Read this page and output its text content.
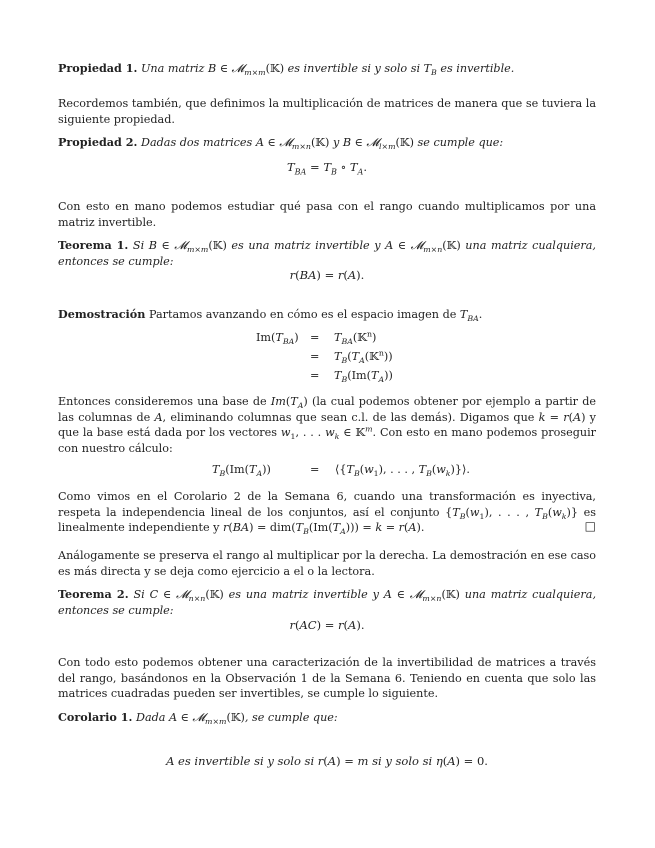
Propiedad 1. Una matriz B ∈ 𝓜$_{m\times m}$(𝕂) es invertible si y solo si $T_B$ es invertible.
Recordemos también, que definimos la multiplicación de matrices de manera que se tuviera la siguiente propiedad.
Propiedad 2. Dadas dos matrices A ∈ 𝓜$_{m\times n}$(𝕂) y B ∈ 𝓜$_{l\times m}$(𝕂) se cumple que:
$T_{BA} = T_B$ ∘ $T_A$.
Con esto en mano podemos estudiar qué pasa con el rango cuando multiplicamos por una matriz invertible.
Teorema 1. Si B ∈ 𝓜$_{m\times m}$(𝕂) es una matriz invertible y A ∈ 𝓜$_{m\times n}$(𝕂) una matriz cualquiera, entonces se cumple:
r(BA) = r(A).
Demostración Partamos avanzando en cómo es el espacio imagen de $T_{BA}$.
$Im(T_{BA})$ = $T_{BA}(𝕂^n)$
= $T_B(T_A(𝕂^n))$
= $T_B(Im(T_A))$
Entonces consideremos una base de $Im(T_A)$ (la cual podemos obtener por ejemplo a partir de las columnas de A, eliminando columnas que sean c.l. de las demás). Digamos que k = r(A) y que la base está dada por los vectores $w_1$, . . . $w_k$ ∈ 𝕂$^m$. Con esto en mano podemos proseguir con nuestro cálculo:
$T_B(Im(T_A))$	= $⟨\{T_B(w_1)$, . . . , $T_B(w_k)\}⟩$.
Como vimos en el Corolario 2 de la Semana 6, cuando una transformación es inyectiva, respeta la independencia lineal de los conjuntos, así el conjunto {$T_B(w_1)$, . . . , $T_B(w_k)$} es linealmente independiente y $r(BA) = dim(T_B(Im(T_A))) = k = r(A)$.	□
Análogamente se preserva el rango al multiplicar por la derecha. La demostración en ese caso es más directa y se deja como ejercicio a el o la lectora.
Teorema 2. Si C ∈ 𝓜$_{n\times n}$(𝕂) es una matriz invertible y A ∈ 𝓜$_{m\times n}$(𝕂) una matriz cualquiera, entonces se cumple:
r(AC) = r(A).
Con todo esto podemos obtener una caracterización de la invertibilidad de matrices a través del rango, basándonos en la Observación 1 de la Semana 6. Teniendo en cuenta que solo las matrices cuadradas pueden ser invertibles, se cumple lo siguiente.
Corolario 1. Dada A ∈ 𝓜$_{m\times m}$(𝕂), se cumple que:
A es invertible si y solo si r(A) = m si y solo si η(A) = 0.
